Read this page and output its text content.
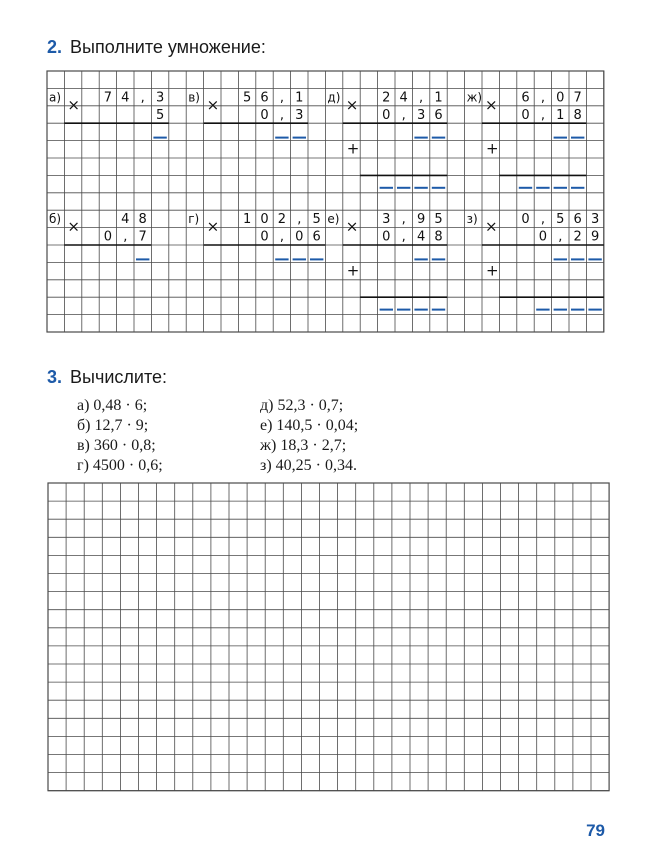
2. Выполните умножение:
а) × 7 4 , 3
5
в) × 5 6 , 1
0 , 3
д) × 2 4 , 1
0 , 3 6
+
ж) × 6 , 0 7
0 , 1 8
+
б) ×	4 8
0 , 7
г) × 1 0 2 , 5
0 , 0 6
е) × 3 , 9 5
0 , 4 8
+
з) × 0 , 5 6 3
0 , 2 9
+
3. Вычислите:
а) 0,48 · 6;	д) 52,3 · 0,7;
б) 12,7 · 9;	е) 140,5 · 0,04;
в) 360 · 0,8;	ж) 18,3 · 2,7;
г) 4500 · 0,6;	з) 40,25 · 0,34.
79
